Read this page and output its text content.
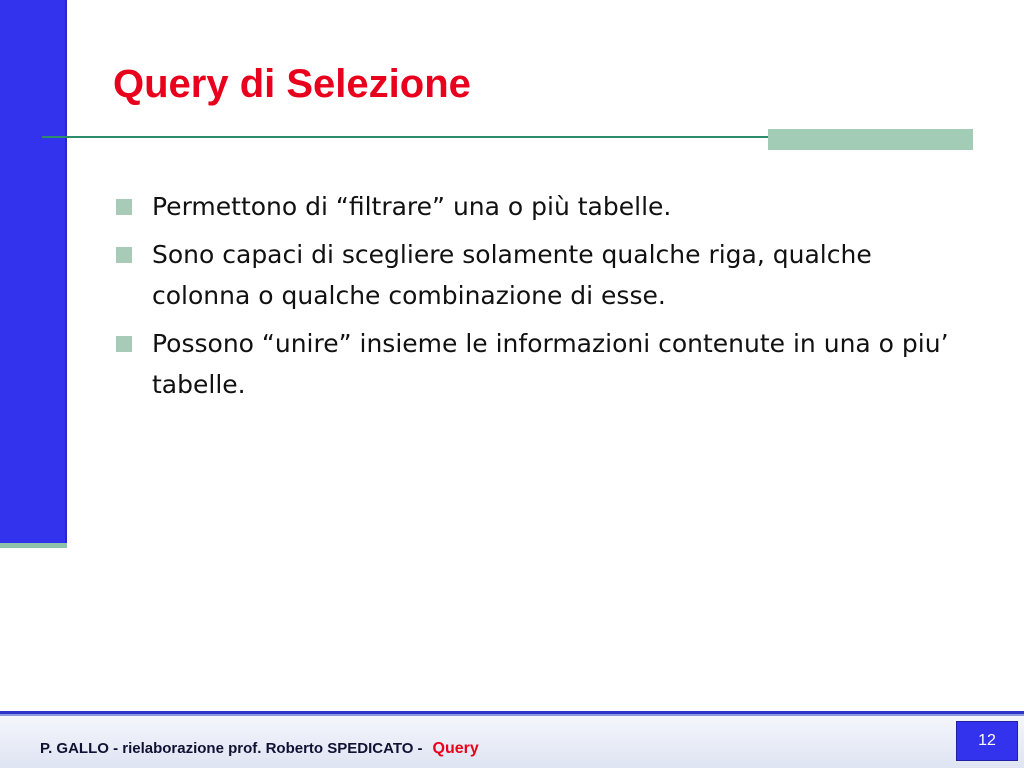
Query di Selezione
Permettono di “filtrare” una o più tabelle.
Sono capaci di scegliere solamente qualche riga, qualche colonna o qualche combinazione di esse.
Possono “unire” insieme le informazioni contenute in una o piu’ tabelle.
P. GALLO - rielaborazione prof. Roberto SPEDICATO - Query	12
